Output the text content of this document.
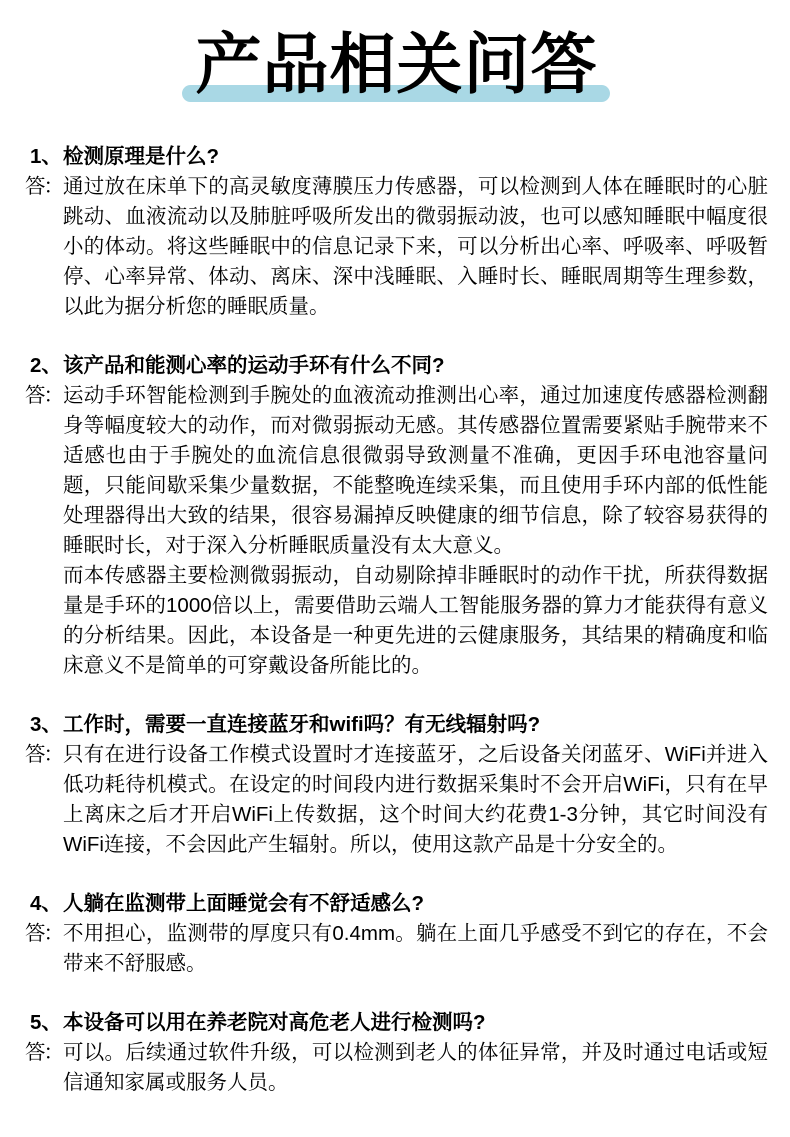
产品相关问答
1、 检测原理是什么?
答： 通过放在床单下的高灵敏度薄膜压力传感器，可以检测到人体在睡眠时的心脏跳动、血液流动以及肺脏呼吸所发出的微弱振动波，也可以感知睡眠中幅度很小的体动。将这些睡眠中的信息记录下来，可以分析出心率、呼吸率、呼吸暂停、心率异常、体动、离床、深中浅睡眠、入睡时长、睡眠周期等生理参数，以此为据分析您的睡眠质量。

2、 该产品和能测心率的运动手环有什么不同?
答： 运动手环智能检测到手腕处的血液流动推测出心率，通过加速度传感器检测翻身等幅度较大的动作，而对微弱振动无感。其传感器位置需要紧贴手腕带来不适感也由于手腕处的血流信息很微弱导致测量不准确，更因手环电池容量问题，只能间歇采集少量数据，不能整晚连续采集，而且使用手环内部的低性能处理器得出大致的结果，很容易漏掉反映健康的细节信息，除了较容易获得的睡眠时长，对于深入分析睡眠质量没有太大意义。

而本传感器主要检测微弱振动，自动剔除掉非睡眠时的动作干扰，所获得数据量是手环的1000倍以上，需要借助云端人工智能服务器的算力才能获得有意义的分析结果。因此，本设备是一种更先进的云健康服务，其结果的精确度和临床意义不是简单的可穿戴设备所能比的。

3、 工作时，需要一直连接蓝牙和wifi吗？有无线辐射吗?
答： 只有在进行设备工作模式设置时才连接蓝牙，之后设备关闭蓝牙、WiFi并进入低功耗待机模式。在设定的时间段内进行数据采集时不会开启WiFi，只有在早上离床之后才开启WiFi上传数据，这个时间大约花费1-3分钟，其它时间没有WiFi连接，不会因此产生辐射。所以，使用这款产品是十分安全的。

4、 人躺在监测带上面睡觉会有不舒适感么?
答： 不用担心，监测带的厚度只有0.4mm。躺在上面几乎感受不到它的存在，不会带来不舒服感。

5、 本设备可以用在养老院对高危老人进行检测吗?
答： 可以。后续通过软件升级，可以检测到老人的体征异常，并及时通过电话或短信通知家属或服务人员。
